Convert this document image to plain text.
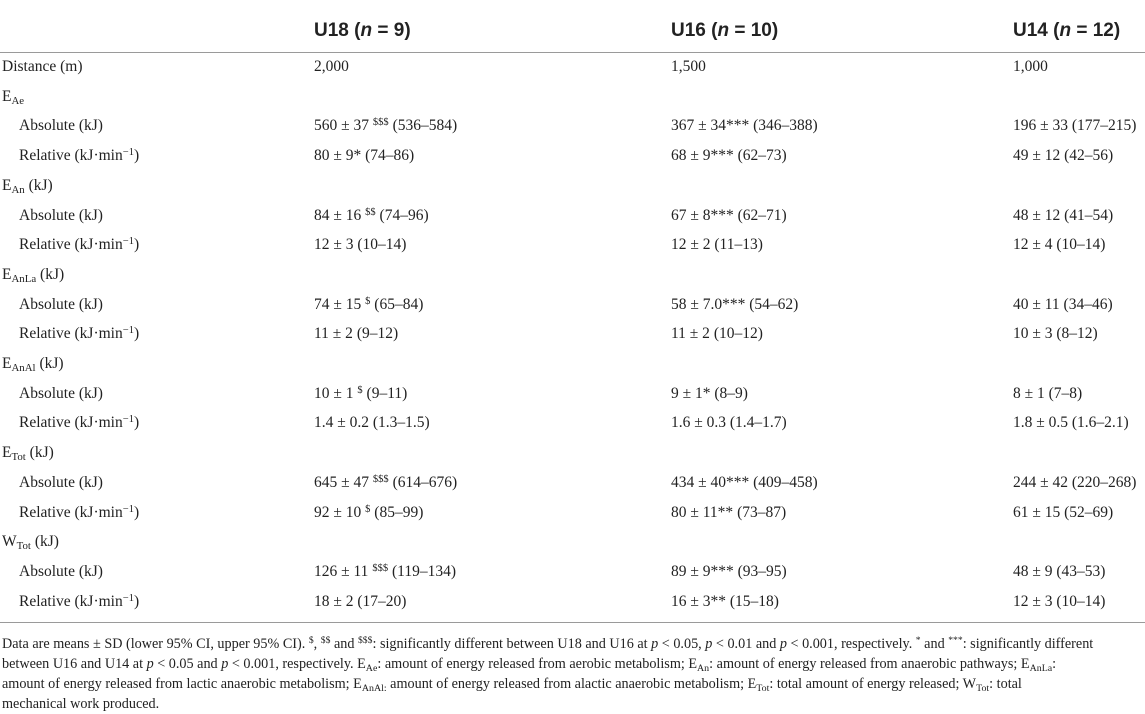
U18 (n = 9)	U16 (n = 10)	U14 (n = 12)
Distance (m)	2,000	1,500	1,000
$E_{Ae}$
Absolute (kJ)	560 ± 37 $$$ (536–584)	367 ± 34*** (346–388)	196 ± 33 (177–215)
Relative $(kJ\cdot\min^{-1})$	80 ± 9* (74–86)	68 ± 9*** (62–73)	49 ± 12 (42–56)
$E_{An}$ (kJ)
Absolute (kJ)	84 ± 16 $$ (74–96)	67 ± 8*** (62–71)	48 ± 12 (41–54)
Relative $(kJ\cdot\min^{-1})$	12 ± 3 (10–14)	12 ± 2 (11–13)	12 ± 4 (10–14)
$E_{AnLa}$ (kJ)
Absolute (kJ)	74 ± 15 $ (65–84)	58 ± 7.0*** (54–62)	40 ± 11 (34–46)
Relative $(kJ\cdot\min^{-1})$	11 ± 2 (9–12)	11 ± 2 (10–12)	10 ± 3 (8–12)
$E_{AnAl}$ (kJ)
Absolute (kJ)	10 ± 1 $ (9–11)	9 ± 1* (8–9)	8 ± 1 (7–8)
Relative $(kJ\cdot\min^{-1})$	1.4 ± 0.2 (1.3–1.5)	1.6 ± 0.3 (1.4–1.7)	1.8 ± 0.5 (1.6–2.1)
$E_{Tot}$ (kJ)
Absolute (kJ)	645 ± 47 $$$ (614–676)	434 ± 40*** (409–458)	244 ± 42 (220–268)
Relative $(kJ\cdot\min^{-1})$	92 ± 10 $ (85–99)	80 ± 11** (73–87)	61 ± 15 (52–69)
$W_{Tot}$ (kJ)
Absolute (kJ)	126 ± 11 $$$ (119–134)	89 ± 9*** (93–95)	48 ± 9 (43–53)
Relative $(kJ\cdot\min^{-1})$	18 ± 2 (17–20)	16 ± 3** (15–18)	12 ± 3 (10–14)

Data are means ± SD (lower 95% CI, upper 95% CI). $, $$ and $$$: significantly different between U18 and U16 at p < 0.05, p < 0.01 and p < 0.001, respectively. * and ***: significantly different

between U16 and U14 at p < 0.05 and p < 0.001, respectively. $E_{Ae}$: amount of energy released from aerobic metabolism; $E_{An}$: amount of energy released from anaerobic pathways; $E_{AnLa}$:

amount of energy released from lactic anaerobic metabolism; $E_{AnAl:}$ amount of energy released from alactic anaerobic metabolism; $E_{Tot}$: total amount of energy released; $W_{Tot}$: total

mechanical work produced.
